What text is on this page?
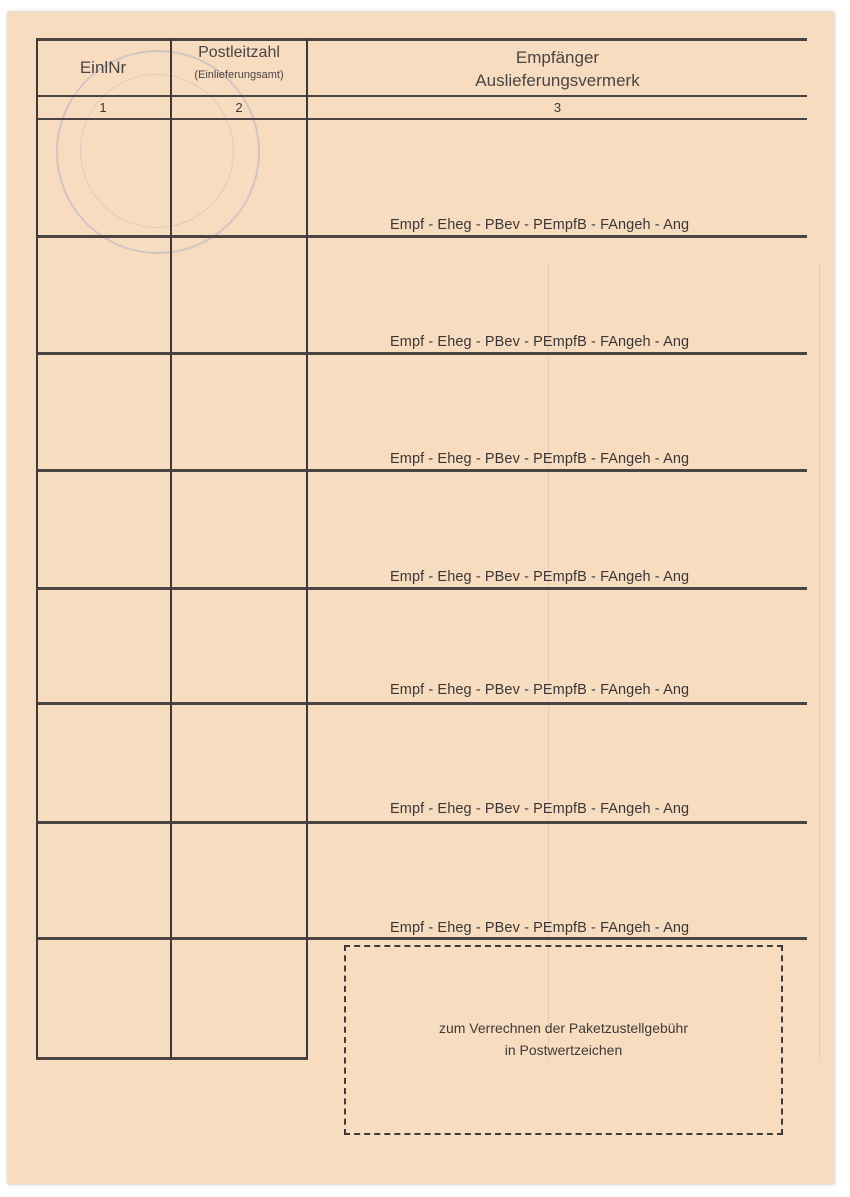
EinlNr
Postleitzahl
(Einlieferungsamt)
Empfänger
Auslieferungsvermerk
1	2	3
Empf - Eheg - PBev - PEmpfB - FAngeh - Ang
Empf - Eheg - PBev - PEmpfB - FAngeh - Ang
Empf - Eheg - PBev - PEmpfB - FAngeh - Ang
Empf - Eheg - PBev - PEmpfB - FAngeh - Ang
Empf - Eheg - PBev - PEmpfB - FAngeh - Ang
Empf - Eheg - PBev - PEmpfB - FAngeh - Ang
Empf - Eheg - PBev - PEmpfB - FAngeh - Ang
zum Verrechnen der Paketzustellgebühr
in Postwertzeichen
